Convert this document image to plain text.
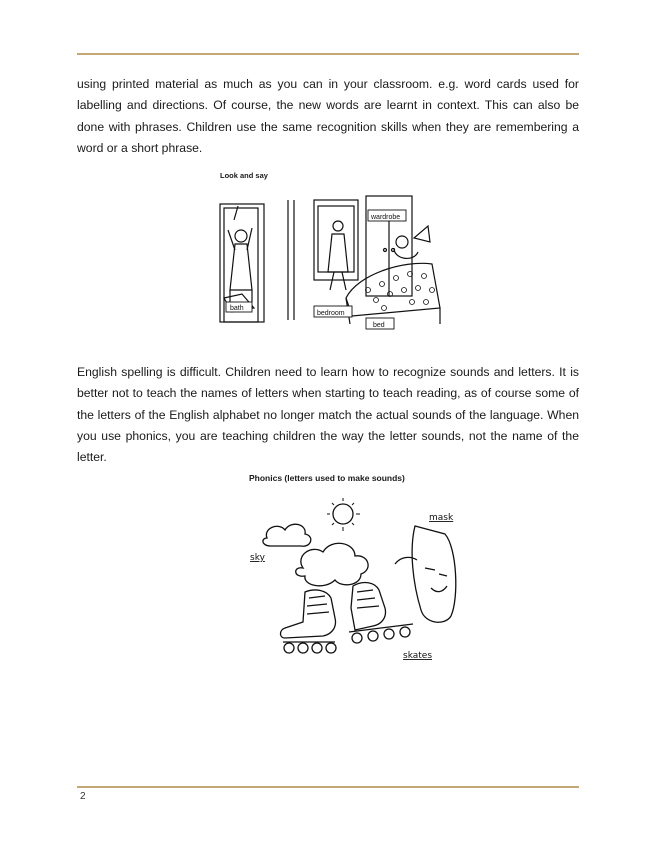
using printed material as much as you can in your classroom. e.g. word cards used for labelling and directions. Of course, the new words are learnt in context. This can also be done with phrases. Children use the same recognition skills when they are remembering a word or a short phrase.

Look and say

bath
bedroom
wardrobe
bed

English spelling is difficult. Children need to learn how to recognize sounds and letters. It is better not to teach the names of letters when starting to teach reading, as of course some of the letters of the English alphabet no longer match the actual sounds of the language. When you use phonics, you are teaching children the way the letter sounds, not the name of the letter.

Phonics (letters used to make sounds)

sky
mask
skates

2
